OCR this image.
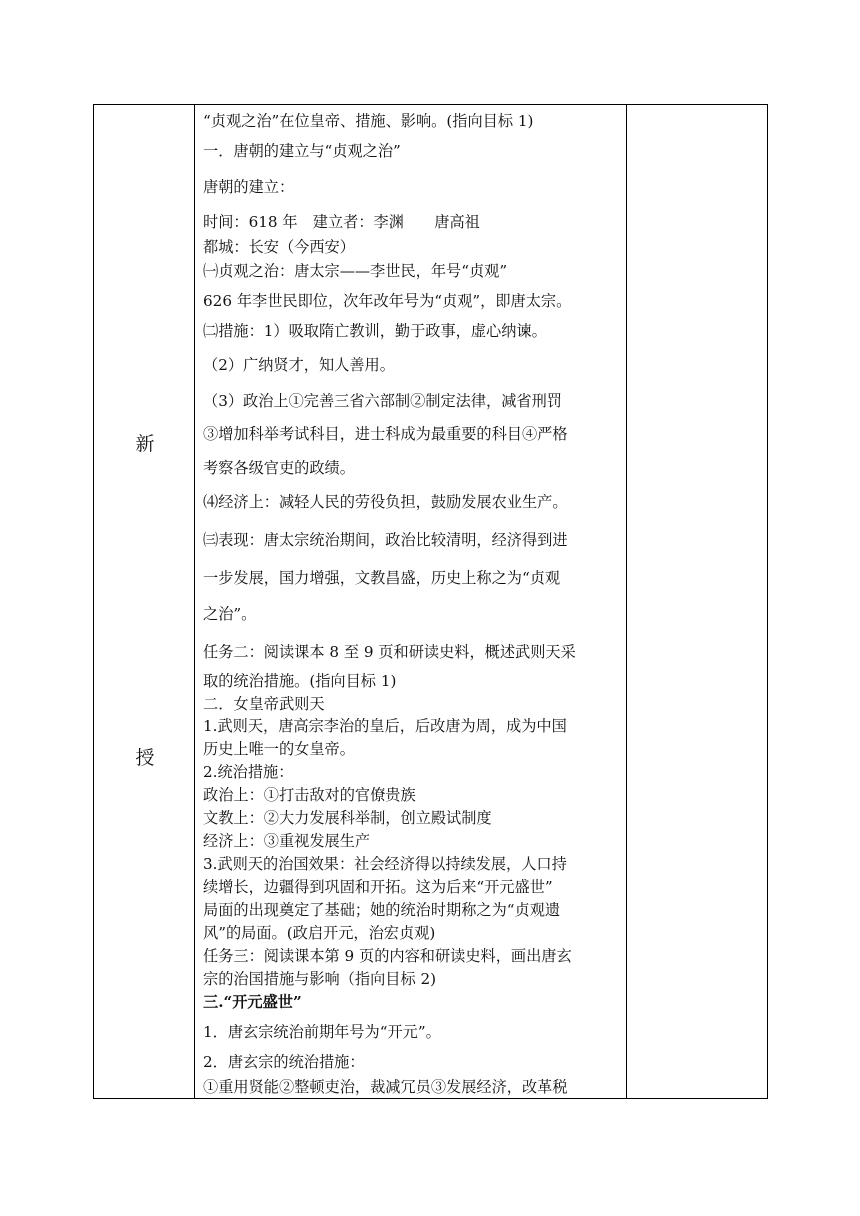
新
授
“贞观之治”在位皇帝、措施、影响。(指向目标 1)
一．唐朝的建立与“贞观之治”
唐朝的建立：
时间：618 年　建立者：李渊　　唐高祖
都城：长安（今西安）
㈠贞观之治：唐太宗——李世民，年号“贞观”
626 年李世民即位，次年改年号为“贞观”，即唐太宗。
㈡措施：1）吸取隋亡教训，勤于政事，虚心纳谏。
（2）广纳贤才，知人善用。
（3）政治上①完善三省六部制②制定法律，减省刑罚
③增加科举考试科目，进士科成为最重要的科目④严格
考察各级官吏的政绩。
⑷经济上：减轻人民的劳役负担，鼓励发展农业生产。
㈢表现：唐太宗统治期间，政治比较清明，经济得到进
一步发展，国力增强，文教昌盛，历史上称之为“贞观
之治”。
任务二：阅读课本 8 至 9 页和研读史料，概述武则天采
取的统治措施。(指向目标 1)
二．女皇帝武则天
1.武则天，唐高宗李治的皇后，后改唐为周，成为中国
历史上唯一的女皇帝。
2.统治措施：
政治上：①打击敌对的官僚贵族
文教上：②大力发展科举制，创立殿试制度
经济上：③重视发展生产
3.武则天的治国效果：社会经济得以持续发展，人口持
续增长，边疆得到巩固和开拓。这为后来“开元盛世”
局面的出现奠定了基础；她的统治时期称之为“贞观遗
风”的局面。(政启开元，治宏贞观)
任务三：阅读课本第 9 页的内容和研读史料，画出唐玄
宗的治国措施与影响（指向目标 2)
三.“开元盛世”
1．唐玄宗统治前期年号为“开元”。
2．唐玄宗的统治措施：
①重用贤能②整顿吏治，裁减冗员③发展经济，改革税
